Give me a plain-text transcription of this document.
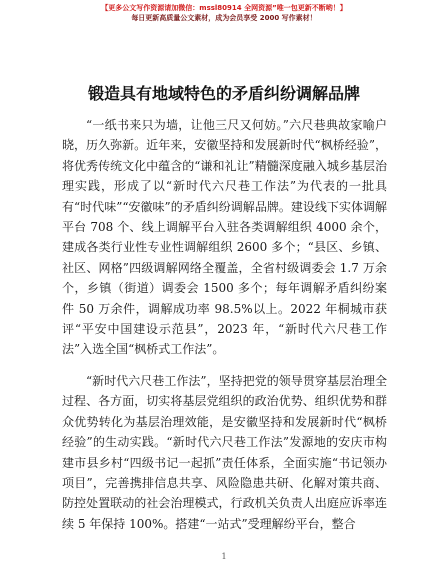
【更多公文写作资源请加微信：mssl80914 全网资源”唯一包更新不断哟！】
每日更新高质量公文素材，成为会员享受 2000 写作素材！
锻造具有地域特色的矛盾纠纷调解品牌

“一纸书来只为墙，让他三尺又何妨。”六尺巷典故家喻户晓，历久弥新。近年来，安徽坚持和发展新时代“枫桥经验”，将优秀传统文化中蕴含的“谦和礼让”精髓深度融入城乡基层治理实践，形成了以“新时代六尺巷工作法”为代表的一批具有“时代味”“安徽味”的矛盾纠纷调解品牌。建设线下实体调解平台 708 个、线上调解平台入驻各类调解组织 4000 余个，建成各类行业性专业性调解组织 2600 多个；“县区、乡镇、社区、网格”四级调解网络全覆盖，全省村级调委会 1.7 万余个，乡镇（街道）调委会 1500 多个；每年调解矛盾纠纷案件 50 万余件，调解成功率 98.5%以上。2022 年桐城市获评“平安中国建设示范县”，2023 年，“新时代六尺巷工作法”入选全国“枫桥式工作法”。

“新时代六尺巷工作法”，坚持把党的领导贯穿基层治理全过程、各方面，切实将基层党组织的政治优势、组织优势和群众优势转化为基层治理效能，是安徽坚持和发展新时代“枫桥经验”的生动实践。“新时代六尺巷工作法”发源地的安庆市构建市县乡村“四级书记一起抓”责任体系，全面实施“书记领办项目”，完善携排信息共享、风险隐患共研、化解对策共商、防控处置联动的社会治理模式，行政机关负责人出庭应诉率连续 5 年保持 100%。搭建“一站式”受理解纷平台，整合

1
